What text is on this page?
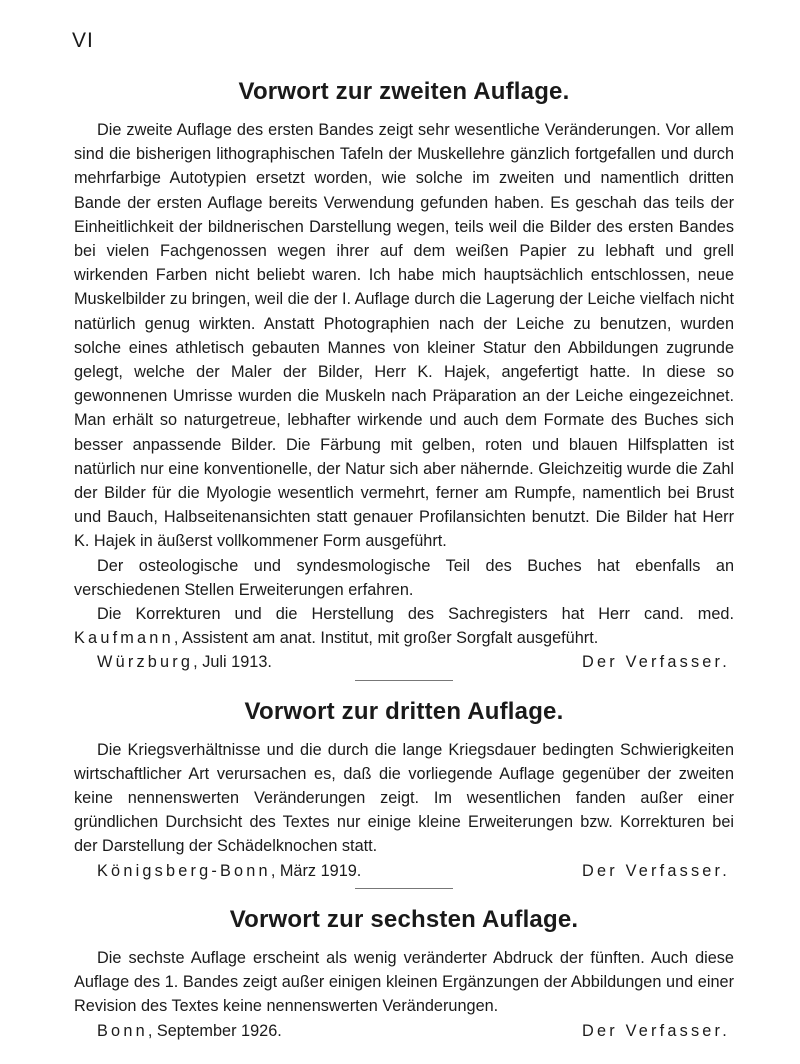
VI
Vorwort zur zweiten Auflage.

Die zweite Auflage des ersten Bandes zeigt sehr wesentliche Veränderungen. Vor allem sind die bisherigen lithographischen Tafeln der Muskellehre gänzlich fortgefallen und durch mehrfarbige Autotypien ersetzt worden, wie solche im zweiten und namentlich dritten Bande der ersten Auflage bereits Verwendung gefunden haben. Es geschah das teils der Einheitlichkeit der bildnerischen Darstellung wegen, teils weil die Bilder des ersten Bandes bei vielen Fachgenossen wegen ihrer auf dem weißen Papier zu lebhaft und grell wirkenden Farben nicht beliebt waren. Ich habe mich hauptsächlich entschlossen, neue Muskelbilder zu bringen, weil die der I. Auflage durch die Lagerung der Leiche vielfach nicht natürlich genug wirkten. Anstatt Photographien nach der Leiche zu benutzen, wurden solche eines athletisch gebauten Mannes von kleiner Statur den Abbildungen zugrunde gelegt, welche der Maler der Bilder, Herr K. Hajek, angefertigt hatte. In diese so gewonnenen Umrisse wurden die Muskeln nach Präparation an der Leiche eingezeichnet. Man erhält so naturgetreue, lebhafter wirkende und auch dem Formate des Buches sich besser anpassende Bilder. Die Färbung mit gelben, roten und blauen Hilfsplatten ist natürlich nur eine konventionelle, der Natur sich aber nähernde. Gleichzeitig wurde die Zahl der Bilder für die Myologie wesentlich vermehrt, ferner am Rumpfe, namentlich bei Brust und Bauch, Halbseitenansichten statt genauer Profilansichten benutzt. Die Bilder hat Herr K. Hajek in äußerst vollkommener Form ausgeführt.

Der osteologische und syndesmologische Teil des Buches hat ebenfalls an verschiedenen Stellen Erweiterungen erfahren.

Die Korrekturen und die Herstellung des Sachregisters hat Herr cand. med. Kaufmann, Assistent am anat. Institut, mit großer Sorgfalt ausgeführt.

Würzburg, Juli 1913.	Der Verfasser.
Vorwort zur dritten Auflage.

Die Kriegsverhältnisse und die durch die lange Kriegsdauer bedingten Schwierigkeiten wirtschaftlicher Art verursachen es, daß die vorliegende Auflage gegenüber der zweiten keine nennenswerten Veränderungen zeigt. Im wesentlichen fanden außer einer gründlichen Durchsicht des Textes nur einige kleine Erweiterungen bzw. Korrekturen bei der Darstellung der Schädelknochen statt.

Königsberg-Bonn, März 1919.	Der Verfasser.
Vorwort zur sechsten Auflage.

Die sechste Auflage erscheint als wenig veränderter Abdruck der fünften. Auch diese Auflage des 1. Bandes zeigt außer einigen kleinen Ergänzungen der Abbildungen und einer Revision des Textes keine nennenswerten Veränderungen.

Bonn, September 1926.	Der Verfasser.
